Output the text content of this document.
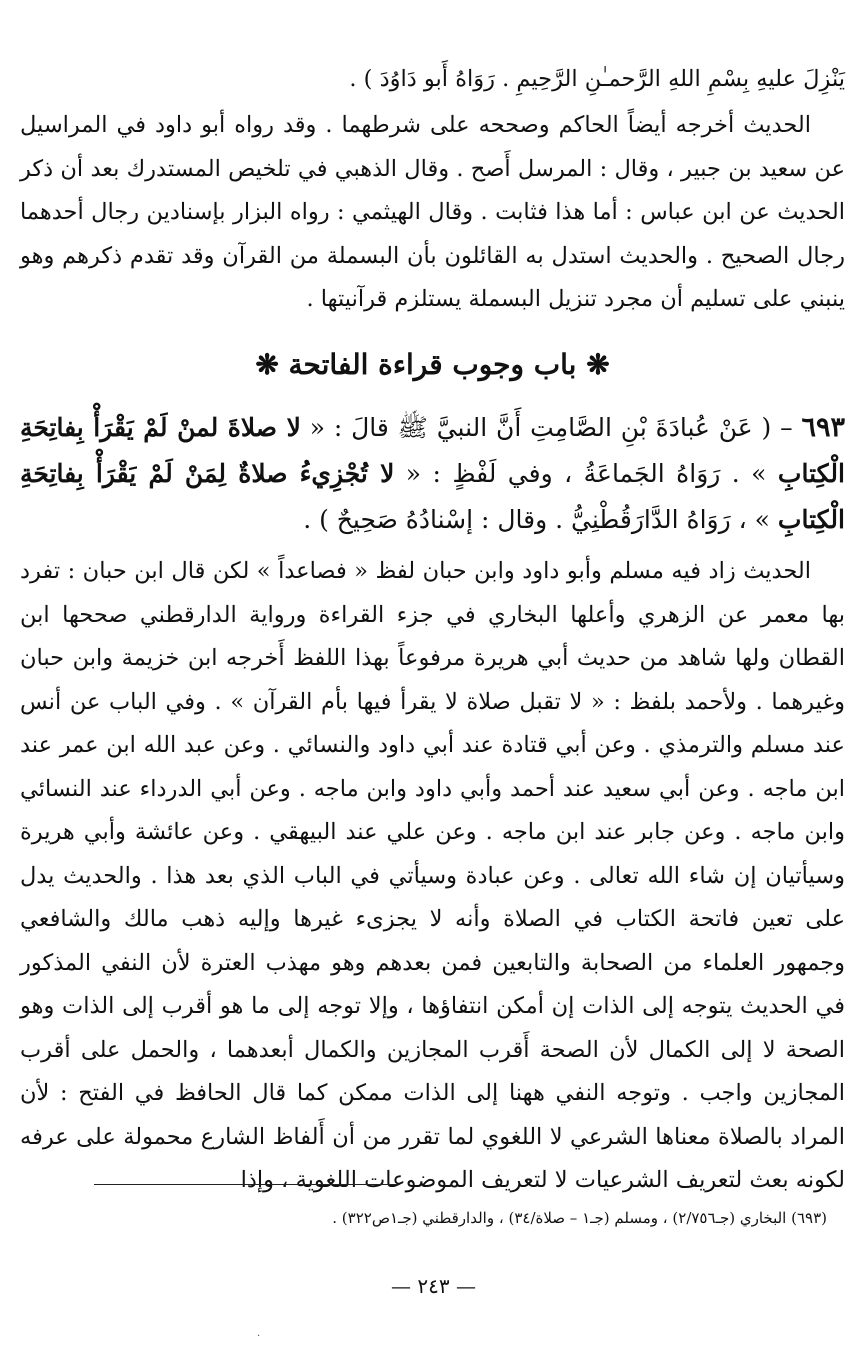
يَنْزِلَ عليهِ بِسْمِ اللهِ الرَّحمـٰنِ الرَّحِيمِ . رَوَاهُ أَبو دَاوُدَ ) .

الحديث أخرجه أيضاً الحاكم وصححه على شرطهما . وقد رواه أبو داود في المراسيل عن سعيد بن جبير ، وقال : المرسل أَصح . وقال الذهبي في تلخيص المستدرك بعد أن ذكر الحديث عن ابن عباس : أما هذا فثابت . وقال الهيثمي : رواه البزار بإسنادين رجال أحدهما رجال الصحيح . والحديث استدل به القائلون بأن البسملة من القرآن وقد تقدم ذكرهم وهو ينبني على تسليم أن مجرد تنزيل البسملة يستلزم قرآنيتها .

❋ باب وجوب قراءة الفاتحة ❋

٦٩٣ – ( عَنْ عُبادَةَ بْنِ الصَّامِتِ أَنَّ النبيَّ ﷺ قالَ : « لا صلاةَ لمنْ لَمْ يَقْرَأْ بِفاتِحَةِ الْكِتابِ » . رَوَاهُ الجَماعَةُ ، وفي لَفْظٍ : « لا تُجْزِيءُ صلاةٌ لِمَنْ لَمْ يَقْرَأْ بِفاتِحَةِ الْكِتابِ » ، رَوَاهُ الدَّارَقُطْنِيُّ . وقال : إسْنادُهُ صَحِيحٌ ) .

الحديث زاد فيه مسلم وأبو داود وابن حبان لفظ « فصاعداً » لكن قال ابن حبان : تفرد بها معمر عن الزهري وأعلها البخاري في جزء القراءة ورواية الدارقطني صححها ابن القطان ولها شاهد من حديث أبي هريرة مرفوعاً بهذا اللفظ أَخرجه ابن خزيمة وابن حبان وغيرهما . ولأحمد بلفظ : « لا تقبل صلاة لا يقرأ فيها بأم القرآن » . وفي الباب عن أنس عند مسلم والترمذي . وعن أبي قتادة عند أبي داود والنسائي . وعن عبد الله ابن عمر عند ابن ماجه . وعن أبي سعيد عند أحمد وأبي داود وابن ماجه . وعن أبي الدرداء عند النسائي وابن ماجه . وعن جابر عند ابن ماجه . وعن علي عند البيهقي . وعن عائشة وأبي هريرة وسيأتيان إن شاء الله تعالى . وعن عبادة وسيأتي في الباب الذي بعد هذا . والحديث يدل على تعين فاتحة الكتاب في الصلاة وأنه لا يجزىء غيرها وإليه ذهب مالك والشافعي وجمهور العلماء من الصحابة والتابعين فمن بعدهم وهو مهذب العترة لأن النفي المذكور في الحديث يتوجه إلى الذات إن أمكن انتفاؤها ، وإلا توجه إلى ما هو أقرب إلى الذات وهو الصحة لا إلى الكمال لأن الصحة أَقرب المجازين والكمال أبعدهما ، والحمل على أقرب المجازين واجب . وتوجه النفي ههنا إلى الذات ممكن كما قال الحافظ في الفتح : لأن المراد بالصلاة معناها الشرعي لا اللغوي لما تقرر من أن أَلفاظ الشارع محمولة على عرفه لكونه بعث لتعريف الشرعيات لا لتعريف الموضوعات اللغوية ، وإذا

(٦٩٣) البخاري (جـ٢/٧٥٦) ، ومسلم (جـ١ – صلاة/٣٤) ، والدارقطني (جـ١ص٣٢٢) .
— ٢٤٣ —
·
